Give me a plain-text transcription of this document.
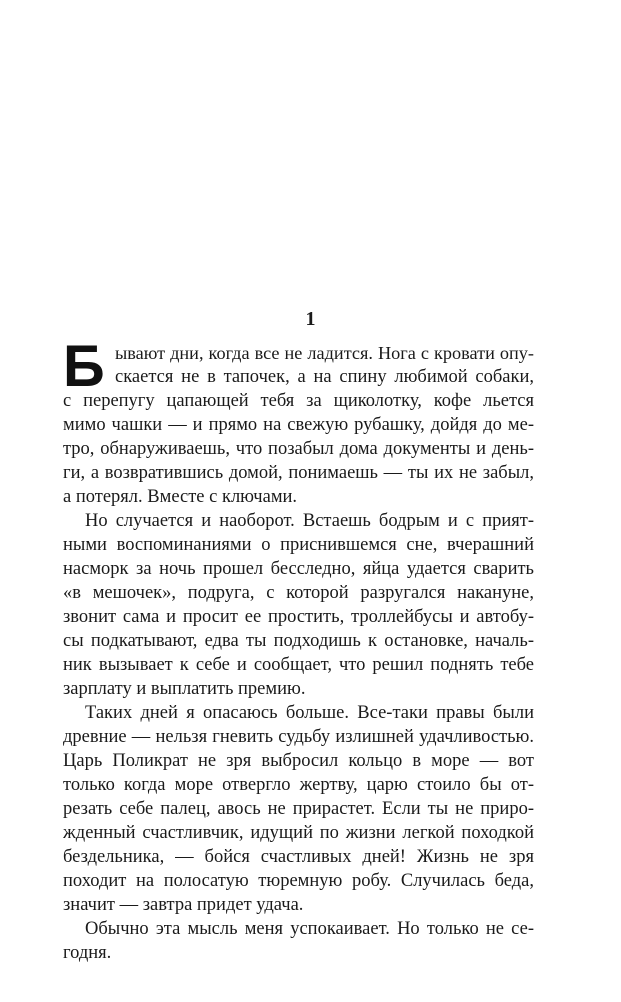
1
Б ывают дни, когда все не ладится. Нога с кровати опу-
скается не в тапочек, а на спину любимой собаки,
с перепугу цапающей тебя за щиколотку, кофе льется
мимо чашки — и прямо на свежую рубашку, дойдя до ме-
тро, обнаруживаешь, что позабыл дома документы и день-
ги, а возвратившись домой, понимаешь — ты их не забыл,
а потерял. Вместе с ключами.
Но случается и наоборот. Встаешь бодрым и с прият-
ными воспоминаниями о приснившемся сне, вчерашний
насморк за ночь прошел бесследно, яйца удается сварить
«в мешочек», подруга, с которой разругался накануне,
звонит сама и просит ее простить, троллейбусы и автобу-
сы подкатывают, едва ты подходишь к остановке, началь-
ник вызывает к себе и сообщает, что решил поднять тебе
зарплату и выплатить премию.
Таких дней я опасаюсь больше. Все-таки правы были
древние — нельзя гневить судьбу излишней удачливостью.
Царь Поликрат не зря выбросил кольцо в море — вот
только когда море отвергло жертву, царю стоило бы от-
резать себе палец, авось не прирастет. Если ты не приро-
жденный счастливчик, идущий по жизни легкой походкой
бездельника, — бойся счастливых дней! Жизнь не зря
походит на полосатую тюремную робу. Случилась беда,
значит — завтра придет удача.
Обычно эта мысль меня успокаивает. Но только не се-
годня.
